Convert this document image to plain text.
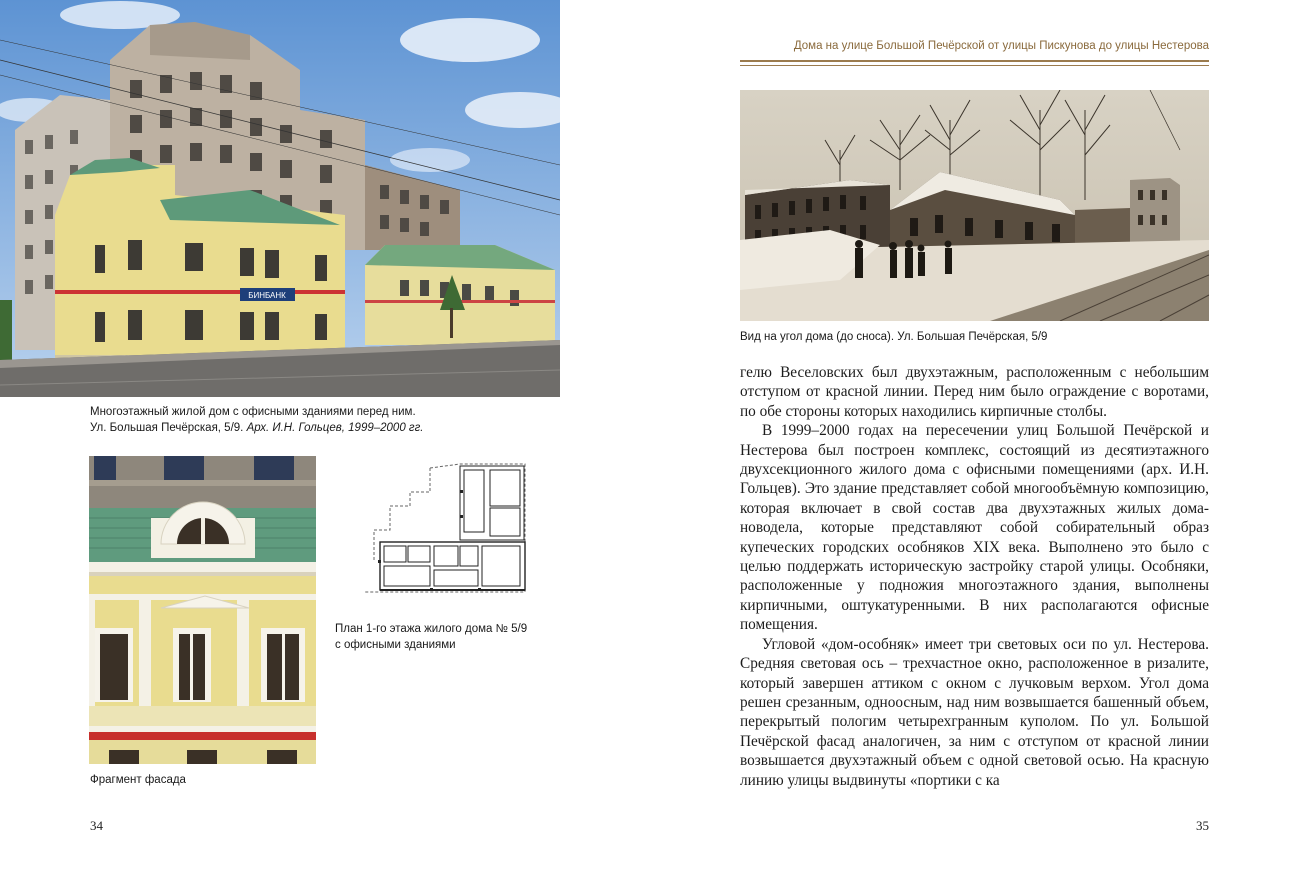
БИНБАНК
Многоэтажный жилой дом с офисными зданиями перед ним.
Ул. Большая Печёрская, 5/9. Арх. И.Н. Гольцев, 1999–2000 гг.
Фрагмент фасада
План 1-го этажа жилого дома № 5/9
с офисными зданиями
34
Дома на улице Большой Печёрской от улицы Пискунова до улицы Нестерова
Вид на угол дома (до сноса). Ул. Большая Печёрская, 5/9

гелю Веселовских был двухэтажным, расположенным с небольшим отступом от красной линии. Перед ним было ограждение с воротами, по обе стороны которых находились кирпичные столбы.

В 1999–2000 годах на пересечении улиц Большой Печёрской и Нестерова был построен комплекс, состоящий из десятиэтажного двухсекционного жилого дома с офисными помещениями (арх. И.Н. Гольцев). Это здание представляет собой многообъёмную композицию, которая включает в свой состав два двухэтажных жилых дома-новодела, которые представляют собой собирательный образ купеческих городских особняков XIX века. Выполнено это было с целью поддержать историческую застройку старой улицы. Особняки, расположенные у подножия многоэтажного здания, выполнены кирпичными, оштукатуренными. В них располагаются офисные помещения.

Угловой «дом-особняк» имеет три световых оси по ул. Нестерова. Средняя световая ось – трехчастное окно, расположенное в ризалите, который завершен аттиком с окном с лучковым верхом. Угол дома решен срезанным, одноосным, над ним возвышается башенный объем, перекрытый пологим четырехгранным куполом. По ул. Большой Печёрской фасад аналогичен, за ним с отступом от красной линии возвышается двухэтажный объем с одной световой осью. На красную линию улицы выдвинуты «портики с ка

35
